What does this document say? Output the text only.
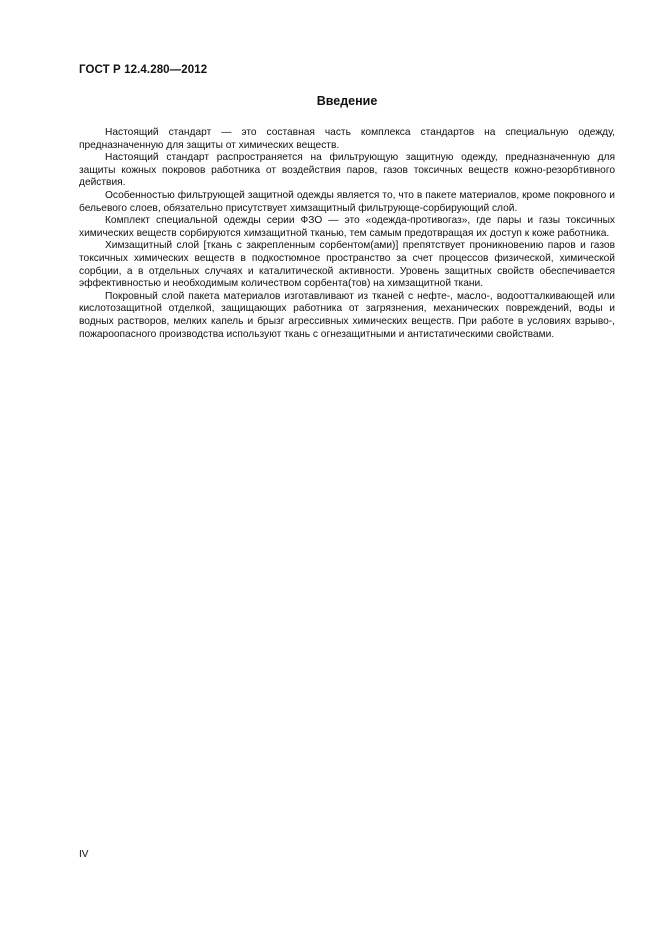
ГОСТ Р 12.4.280—2012
Введение

Настоящий стандарт — это составная часть комплекса стандартов на специальную одежду, предназначенную для защиты от химических веществ.

Настоящий стандарт распространяется на фильтрующую защитную одежду, предназначенную для защиты кожных покровов работника от воздействия паров, газов токсичных веществ кожно-резорбтивного действия.

Особенностью фильтрующей защитной одежды является то, что в пакете материалов, кроме покровного и бельевого слоев, обязательно присутствует химзащитный фильтрующе-сорбирующий слой.

Комплект специальной одежды серии ФЗО — это «одежда-противогаз», где пары и газы токсичных химических веществ сорбируются химзащитной тканью, тем самым предотвращая их доступ к коже работника.

Химзащитный слой [ткань с закрепленным сорбентом(ами)] препятствует проникновению паров и газов токсичных химических веществ в подкостюмное пространство за счет процессов физической, химической сорбции, а в отдельных случаях и каталитической активности. Уровень защитных свойств обеспечивается эффективностью и необходимым количеством сорбента(тов) на химзащитной ткани.

Покровный слой пакета материалов изготавливают из тканей с нефте-, масло-, водоотталкивающей или кислотозащитной отделкой, защищающих работника от загрязнения, механических повреждений, воды и водных растворов, мелких капель и брызг агрессивных химических веществ. При работе в условиях взрыво-, пожароопасного производства используют ткань с огнезащитными и антистатическими свойствами.

IV
